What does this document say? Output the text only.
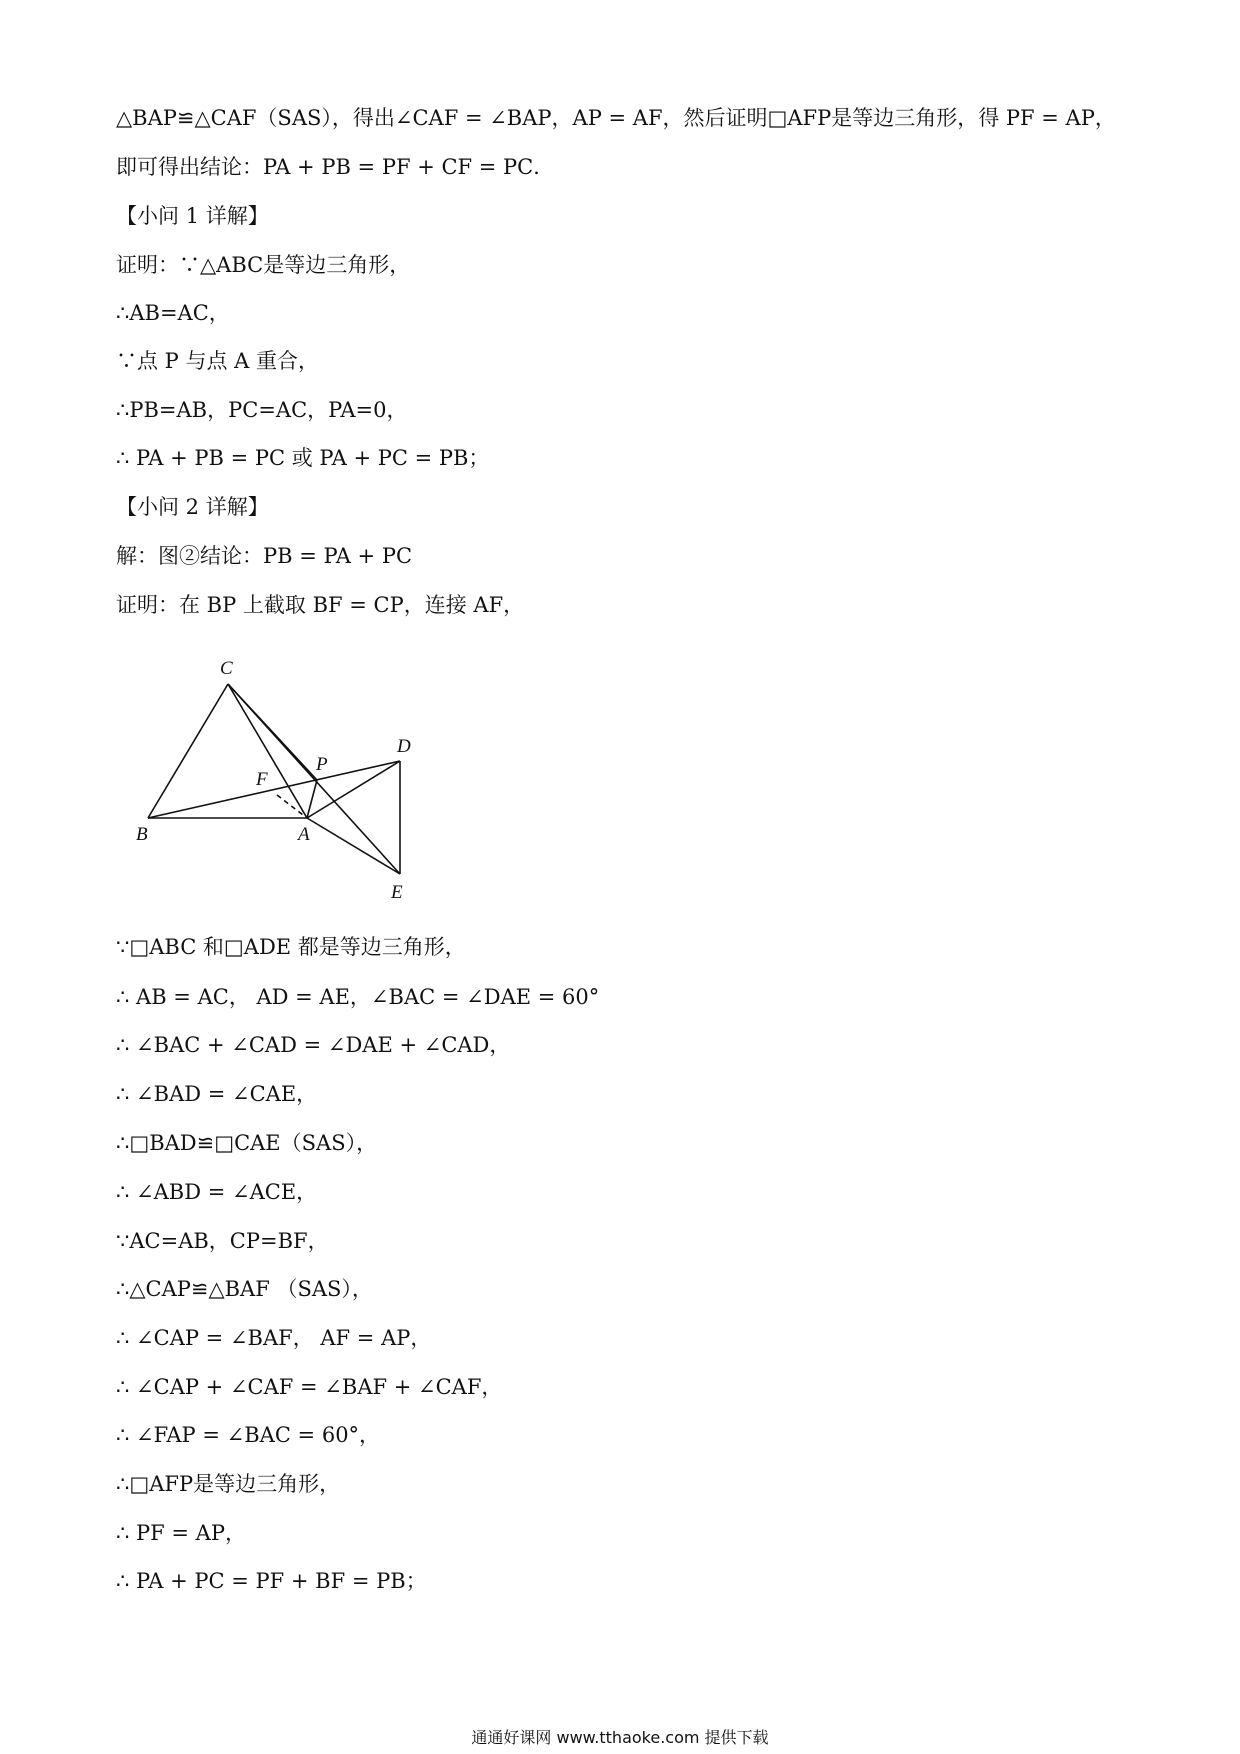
△BAP≌△CAF（SAS），得出∠CAF = ∠BAP，AP = AF，然后证明□AFP是等边三角形，得 PF = AP，
即可得出结论：PA + PB = PF + CF = PC．
【小问 1 详解】
证明：∵△ABC是等边三角形，
∴AB=AC，
∵点 P 与点 A 重合，
∴PB=AB，PC=AC，PA=0，
∴ PA + PB = PC 或 PA + PC = PB；
【小问 2 详解】
解：图②结论：PB = PA + PC
证明：在 BP 上截取 BF = CP，连接 AF，
C
D
P
F
B	A
E
∵□ABC 和□ADE 都是等边三角形，
∴ AB = AC， AD = AE，∠BAC = ∠DAE = 60°
∴ ∠BAC + ∠CAD = ∠DAE + ∠CAD，
∴ ∠BAD = ∠CAE，
∴□BAD≌□CAE（SAS），
∴ ∠ABD = ∠ACE，
∵AC=AB，CP=BF，
∴△CAP≌△BAF （SAS），
∴ ∠CAP = ∠BAF， AF = AP，
∴ ∠CAP + ∠CAF = ∠BAF + ∠CAF，
∴ ∠FAP = ∠BAC = 60°，
∴□AFP是等边三角形，
∴ PF = AP，
∴ PA + PC = PF + BF = PB；
通通好课网 www.tthaoke.com 提供下载
